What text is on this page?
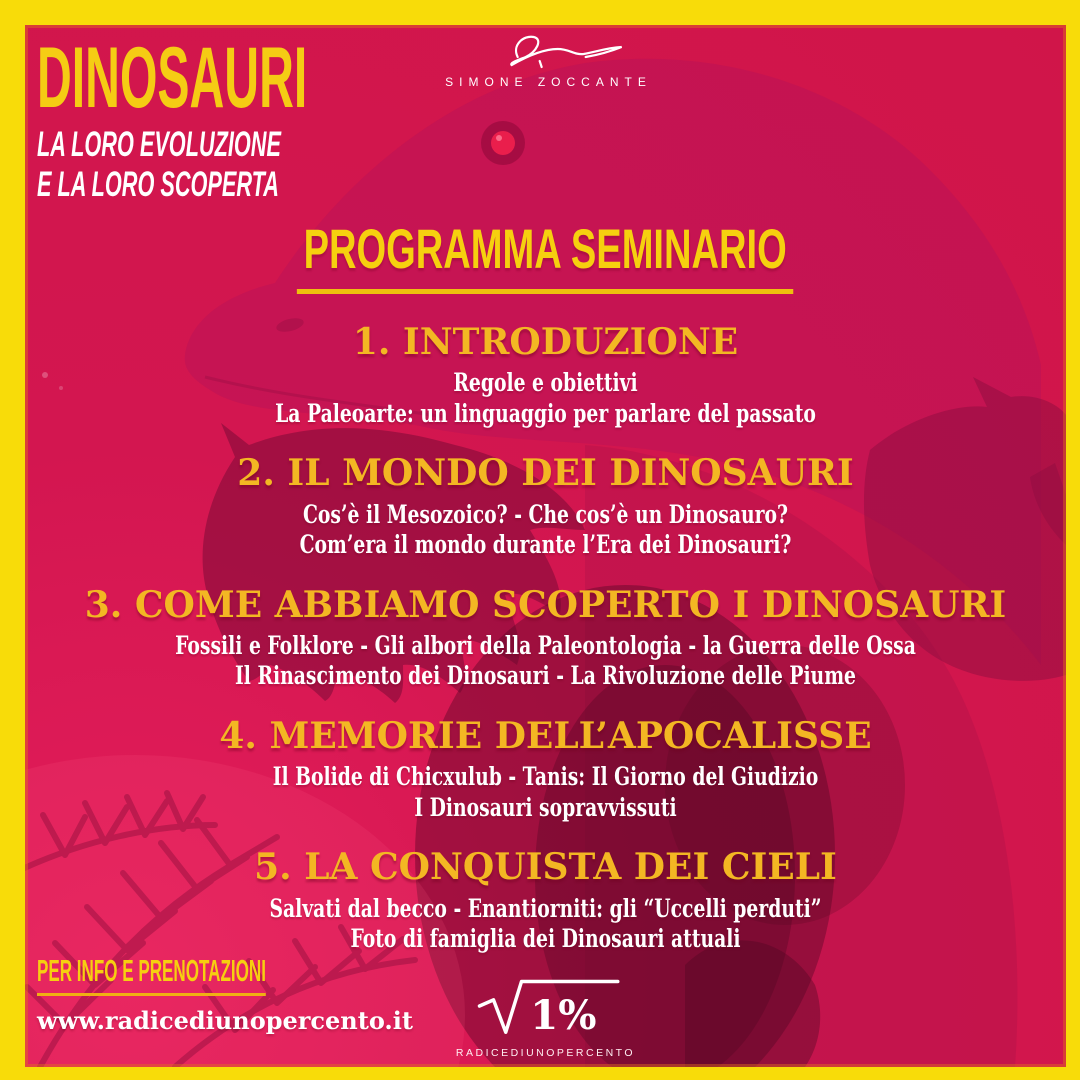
DINOSAURI
LA LORO EVOLUZIONE
E LA LORO SCOPERTA
SIMONE ZOCCANTE
PROGRAMMA SEMINARIO
1. INTRODUZIONE
Regole e obiettivi
La Paleoarte: un linguaggio per parlare del passato
2. IL MONDO DEI DINOSAURI
Cos’è il Mesozoico? - Che cos’è un Dinosauro?
Com’era il mondo durante l’Era dei Dinosauri?
3. COME ABBIAMO SCOPERTO I DINOSAURI
Fossili e Folklore - Gli albori della Paleontologia - la Guerra delle Ossa
Il Rinascimento dei Dinosauri - La Rivoluzione delle Piume
4. MEMORIE DELL’APOCALISSE
Il Bolide di Chicxulub - Tanis: Il Giorno del Giudizio
I Dinosauri sopravvissuti
5. LA CONQUISTA DEI CIELI
Salvati dal becco - Enantiorniti: gli “Uccelli perduti”
Foto di famiglia dei Dinosauri attuali
PER INFO E PRENOTAZIONI
www.radicediunopercento.it	1%
RADICEDIUNOPERCENTO
